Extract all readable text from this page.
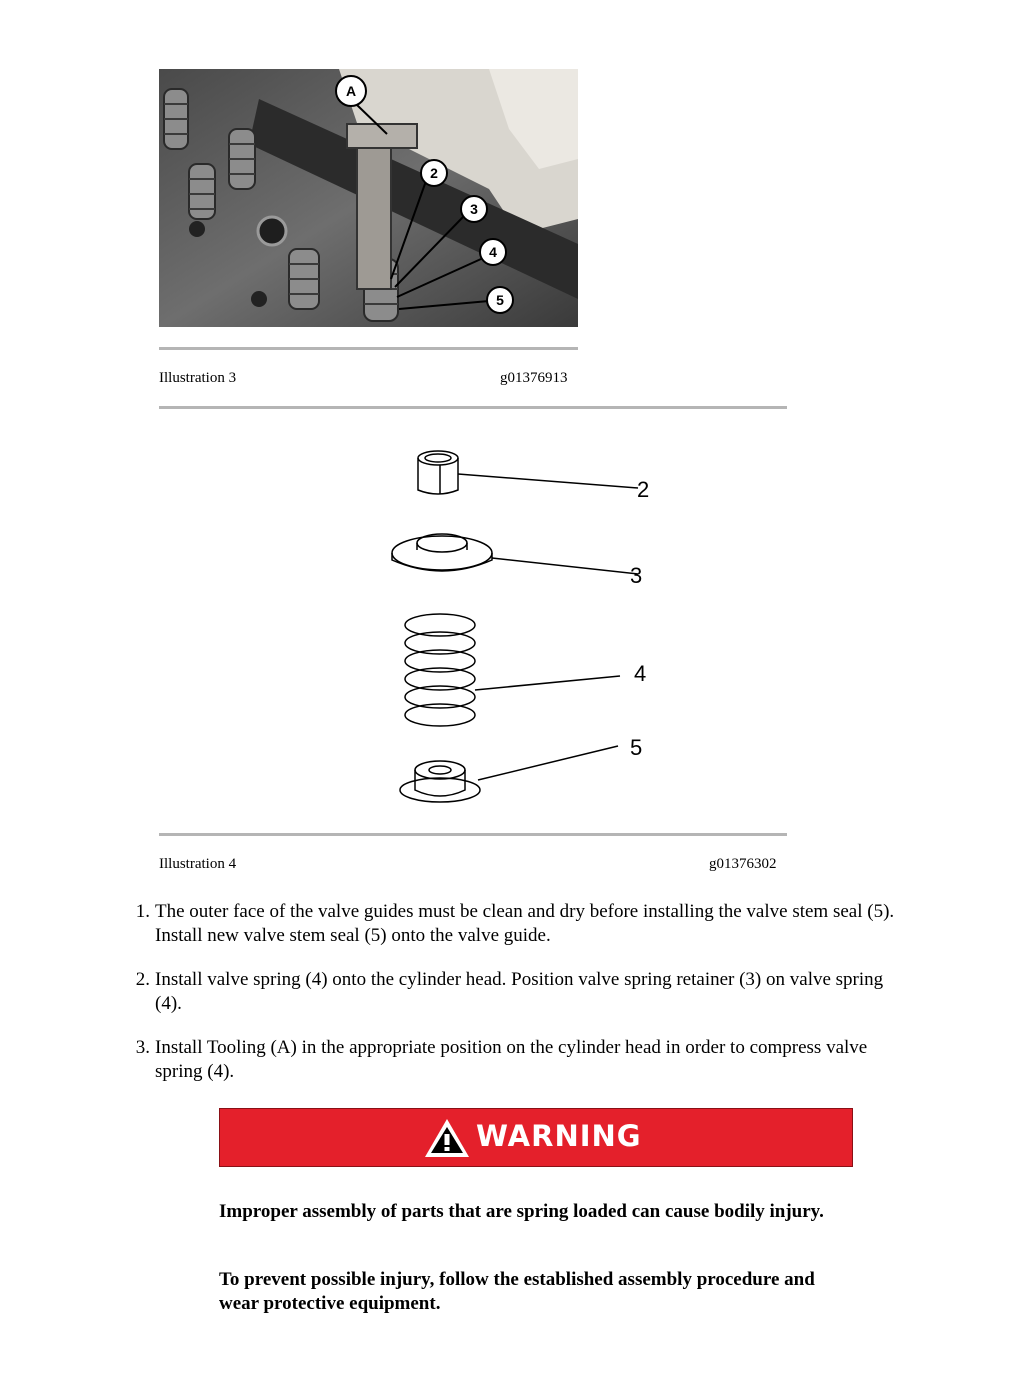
A
2
3
4
5
Illustration 3	g01376913
2
3
4
5
Illustration 4	g01376302
1. The outer face of the valve guides must be clean and dry before installing the valve stem seal (5). Install new valve stem seal (5) onto the valve guide.
2. Install valve spring (4) onto the cylinder head. Position valve spring retainer (3) on valve spring (4).
3. Install Tooling (A) in the appropriate position on the cylinder head in order to compress valve spring (4).
WARNING
Improper assembly of parts that are spring loaded can cause bodily injury.
To prevent possible injury, follow the established assembly procedure and wear protective equipment.
